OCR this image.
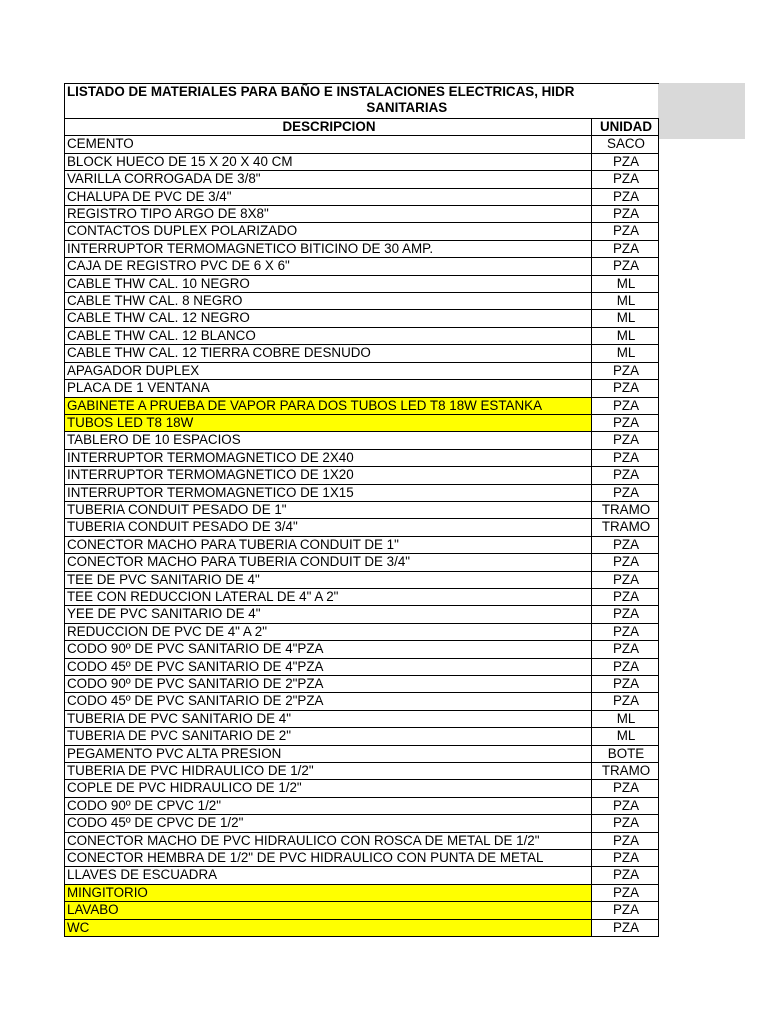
LISTADO DE MATERIALES PARA BAÑO E INSTALACIONES ELECTRICAS, HIDR
SANITARIAS	

DESCRIPCION	UNIDAD
CEMENTO	SACO
BLOCK HUECO DE 15 X 20 X 40 CM	PZA
VARILLA CORROGADA DE 3/8"	PZA
CHALUPA DE PVC DE 3/4"	PZA
REGISTRO TIPO ARGO DE 8X8"	PZA
CONTACTOS DUPLEX POLARIZADO	PZA
INTERRUPTOR TERMOMAGNETICO BITICINO DE 30 AMP.	PZA
CAJA DE REGISTRO PVC DE 6 X 6"	PZA
CABLE THW CAL. 10 NEGRO	ML
CABLE THW CAL. 8 NEGRO	ML
CABLE THW CAL. 12 NEGRO	ML
CABLE THW CAL. 12 BLANCO	ML
CABLE THW CAL. 12 TIERRA COBRE DESNUDO	ML
APAGADOR DUPLEX	PZA
PLACA DE 1 VENTANA	PZA
GABINETE A PRUEBA DE VAPOR PARA DOS TUBOS LED T8 18W ESTANKA	PZA
TUBOS LED T8 18W	PZA
TABLERO DE 10 ESPACIOS	PZA
INTERRUPTOR TERMOMAGNETICO DE 2X40	PZA
INTERRUPTOR TERMOMAGNETICO DE 1X20	PZA
INTERRUPTOR TERMOMAGNETICO DE 1X15	PZA
TUBERIA CONDUIT PESADO DE 1"	TRAMO
TUBERIA CONDUIT PESADO DE 3/4"	TRAMO
CONECTOR MACHO PARA TUBERIA CONDUIT DE 1"	PZA
CONECTOR MACHO PARA TUBERIA CONDUIT DE 3/4"	PZA
TEE DE PVC SANITARIO DE 4"	PZA
TEE CON REDUCCION LATERAL DE 4" A 2"	PZA
YEE DE PVC SANITARIO DE 4"	PZA
REDUCCION DE PVC DE 4" A 2"	PZA
CODO 90º DE PVC SANITARIO DE 4"PZA	PZA
CODO 45º DE PVC SANITARIO DE 4"PZA	PZA
CODO 90º DE PVC SANITARIO DE 2"PZA	PZA
CODO 45º DE PVC SANITARIO DE 2"PZA	PZA
TUBERIA DE PVC SANITARIO DE 4"	ML
TUBERIA DE PVC SANITARIO DE 2"	ML
PEGAMENTO PVC ALTA PRESION	BOTE
TUBERIA DE PVC HIDRAULICO DE 1/2"	TRAMO
COPLE DE PVC HIDRAULICO DE 1/2"	PZA
CODO 90º DE CPVC 1/2"	PZA
CODO 45º DE CPVC DE 1/2"	PZA
CONECTOR MACHO DE PVC HIDRAULICO CON ROSCA DE METAL DE 1/2"	PZA
CONECTOR HEMBRA DE 1/2" DE PVC HIDRAULICO CON PUNTA DE METAL	PZA
LLAVES DE ESCUADRA	PZA
MINGITORIO	PZA
LAVABO	PZA
WC	PZA
